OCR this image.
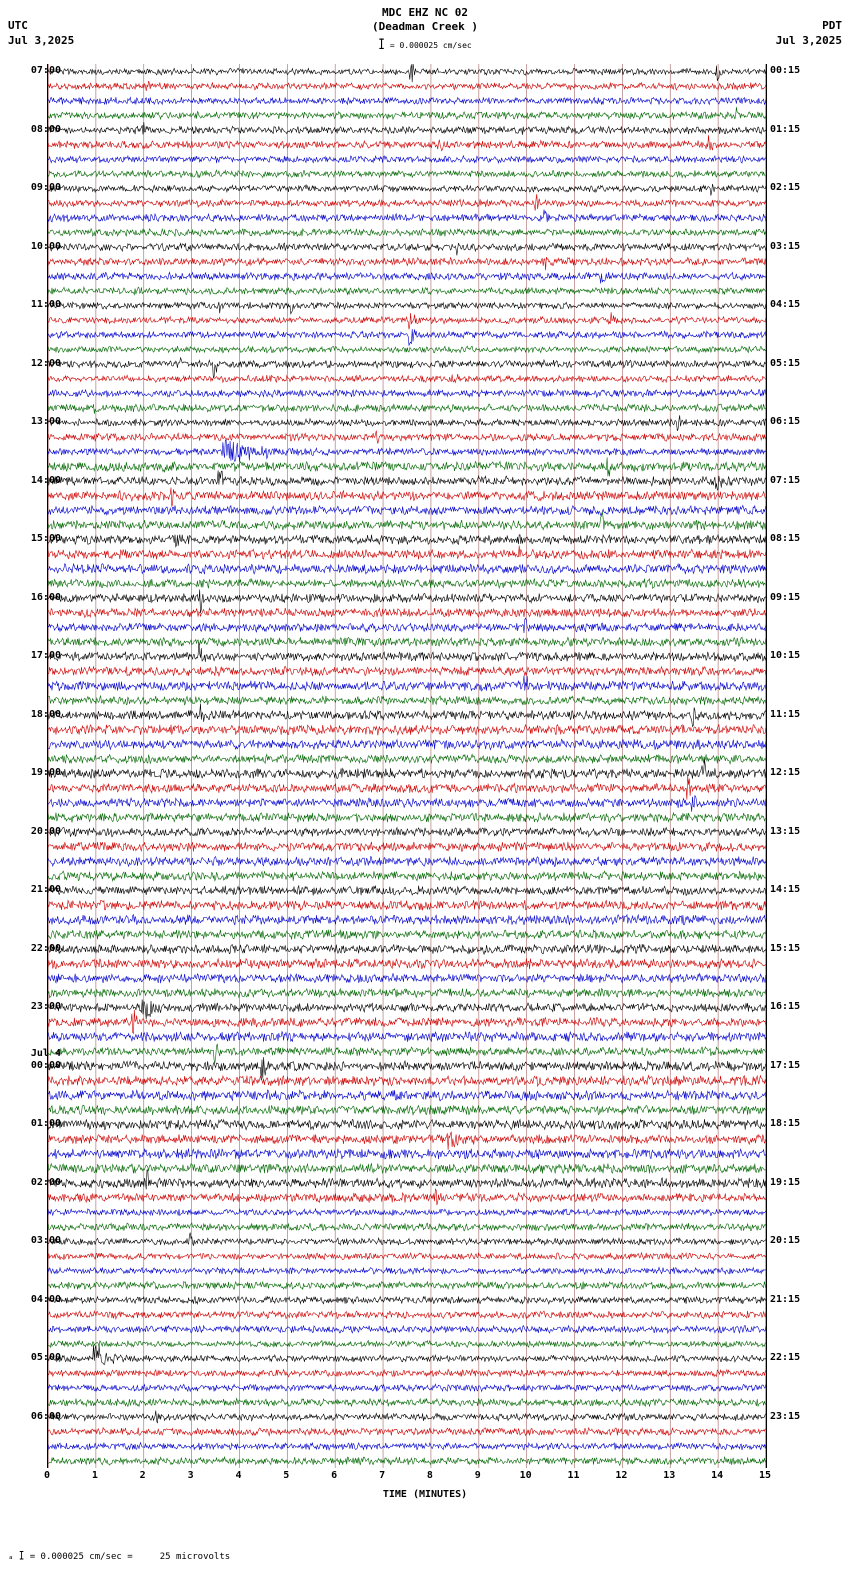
UTC
Jul 3,2025
PDT
Jul 3,2025
MDC EHZ NC 02
(Deadman Creek )
I = 0.000025 cm/sec
07:00	00:15
08:00	01:15
09:00	02:15
10:00	03:15
11:00	04:15
12:00	05:15
13:00	06:15
14:00	07:15
15:00	08:15
16:00	09:15
17:00	10:15
18:00	11:15
19:00	12:15
20:00	13:15
21:00	14:15
22:00	15:15
23:00	16:15
Jul 4
00:00	17:15
01:00	18:15
02:00	19:15
03:00	20:15
04:00	21:15
05:00	22:15
06:00	23:15
0	1	2	3	4	5	6	7	8	9	10	11	12	13	14	15
TIME (MINUTES)
ₐ I = 0.000025 cm/sec =     25 microvolts
